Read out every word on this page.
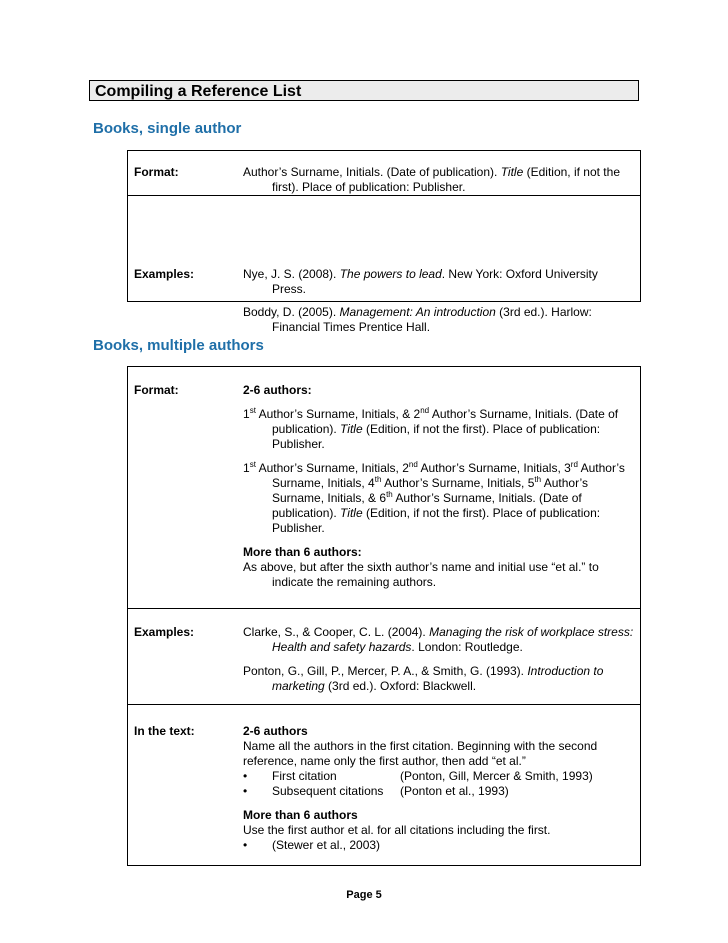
Compiling a Reference List
Books, single author
Format:	Author’s Surname, Initials. (Date of publication). Title (Edition, if not the first). Place of publication: Publisher.
Examples:	Nye, J. S. (2008). The powers to lead. New York: Oxford University Press.
Boddy, D. (2005). Management: An introduction (3rd ed.). Harlow: Financial Times Prentice Hall.
Books, multiple authors
Format:	2-6 authors:
1st Author’s Surname, Initials, & 2nd Author’s Surname, Initials. (Date of publication). Title (Edition, if not the first). Place of publication: Publisher.
1st Author’s Surname, Initials, 2nd Author’s Surname, Initials, 3rd Author’s Surname, Initials, 4th Author’s Surname, Initials, 5th Author’s Surname, Initials, & 6th Author’s Surname, Initials. (Date of publication). Title (Edition, if not the first). Place of publication: Publisher.
More than 6 authors:
As above, but after the sixth author’s name and initial use “et al.” to indicate the remaining authors.
Examples:	Clarke, S., & Cooper, C. L. (2004). Managing the risk of workplace stress: Health and safety hazards. London: Routledge.
Ponton, G., Gill, P., Mercer, P. A., & Smith, G. (1993). Introduction to marketing (3rd ed.). Oxford: Blackwell.
In the text:	2-6 authors
Name all the authors in the first citation. Beginning with the second reference, name only the first author, then add “et al.”
•	First citation	(Ponton, Gill, Mercer & Smith, 1993)
•	Subsequent citations	(Ponton et al., 1993)
More than 6 authors
Use the first author et al. for all citations including the first.
•	(Stewer et al., 2003)
Page 5
